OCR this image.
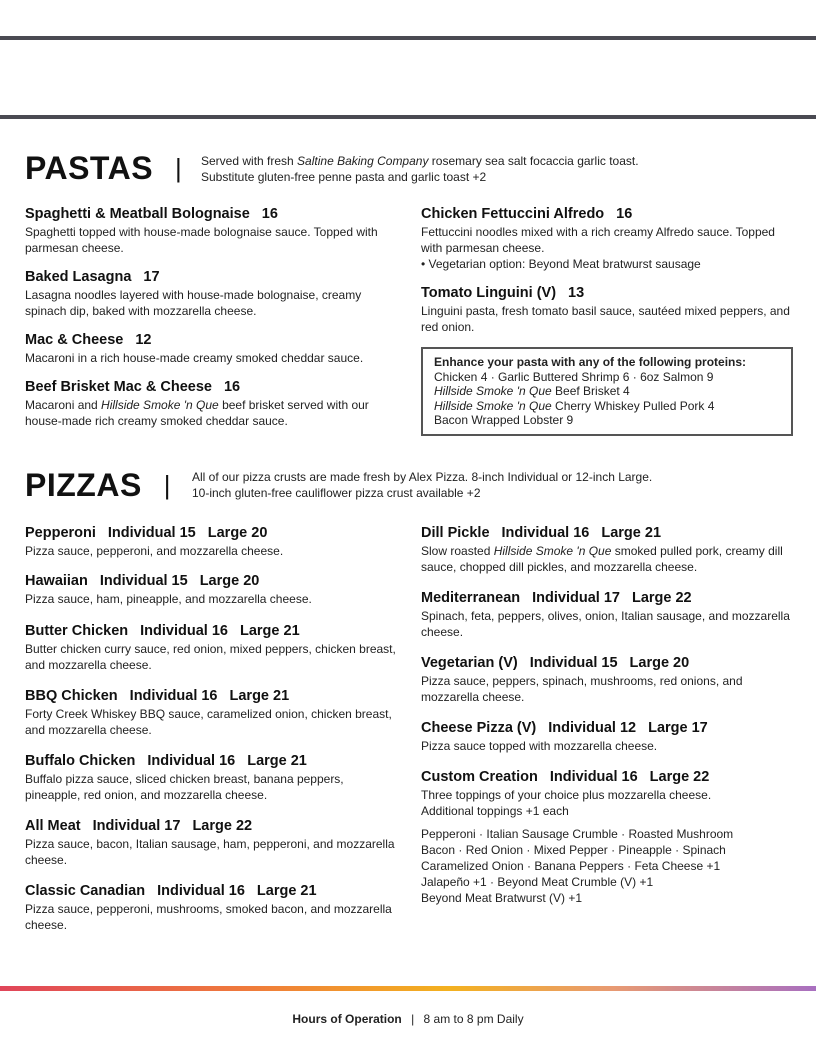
PASTAS | Served with fresh Saltine Baking Company rosemary sea salt focaccia garlic toast.
Substitute gluten-free penne pasta and garlic toast +2
Spaghetti & Meatball Bolognaise 16
Spaghetti topped with house-made bolognaise sauce. Topped with parmesan cheese.
Baked Lasagna 17
Lasagna noodles layered with house-made bolognaise, creamy spinach dip, baked with mozzarella cheese.
Mac & Cheese 12
Macaroni in a rich house-made creamy smoked cheddar sauce.
Beef Brisket Mac & Cheese 16
Macaroni and Hillside Smoke 'n Que beef brisket served with our house-made rich creamy smoked cheddar sauce.
Chicken Fettuccini Alfredo 16
Fettuccini noodles mixed with a rich creamy Alfredo sauce. Topped with parmesan cheese.
• Vegetarian option: Beyond Meat bratwurst sausage
Tomato Linguini (V) 13
Linguini pasta, fresh tomato basil sauce, sautéed mixed peppers, and red onion.
Enhance your pasta with any of the following proteins:
Chicken 4 · Garlic Buttered Shrimp 6 · 6oz Salmon 9
Hillside Smoke 'n Que Beef Brisket 4
Hillside Smoke 'n Que Cherry Whiskey Pulled Pork 4
Bacon Wrapped Lobster 9
PIZZAS | All of our pizza crusts are made fresh by Alex Pizza. 8-inch Individual or 12-inch Large.
10-inch gluten-free cauliflower pizza crust available +2
Pepperoni Individual 15 Large 20
Pizza sauce, pepperoni, and mozzarella cheese.
Hawaiian Individual 15 Large 20
Pizza sauce, ham, pineapple, and mozzarella cheese.
Butter Chicken Individual 16 Large 21
Butter chicken curry sauce, red onion, mixed peppers, chicken breast, and mozzarella cheese.
BBQ Chicken Individual 16 Large 21
Forty Creek Whiskey BBQ sauce, caramelized onion, chicken breast, and mozzarella cheese.
Buffalo Chicken Individual 16 Large 21
Buffalo pizza sauce, sliced chicken breast, banana peppers, pineapple, red onion, and mozzarella cheese.
All Meat Individual 17 Large 22
Pizza sauce, bacon, Italian sausage, ham, pepperoni, and mozzarella cheese.
Classic Canadian Individual 16 Large 21
Pizza sauce, pepperoni, mushrooms, smoked bacon, and mozzarella cheese.
Dill Pickle Individual 16 Large 21
Slow roasted Hillside Smoke 'n Que smoked pulled pork, creamy dill sauce, chopped dill pickles, and mozzarella cheese.
Mediterranean Individual 17 Large 22
Spinach, feta, peppers, olives, onion, Italian sausage, and mozzarella cheese.
Vegetarian (V) Individual 15 Large 20
Pizza sauce, peppers, spinach, mushrooms, red onions, and mozzarella cheese.
Cheese Pizza (V) Individual 12 Large 17
Pizza sauce topped with mozzarella cheese.
Custom Creation Individual 16 Large 22
Three toppings of your choice plus mozzarella cheese.
Additional toppings +1 each
Pepperoni · Italian Sausage Crumble · Roasted Mushroom
Bacon · Red Onion · Mixed Pepper · Pineapple · Spinach
Caramelized Onion · Banana Peppers · Feta Cheese +1
Jalapeño +1 · Beyond Meat Crumble (V) +1
Beyond Meat Bratwurst (V) +1
Hours of Operation | 8 am to 8 pm Daily
